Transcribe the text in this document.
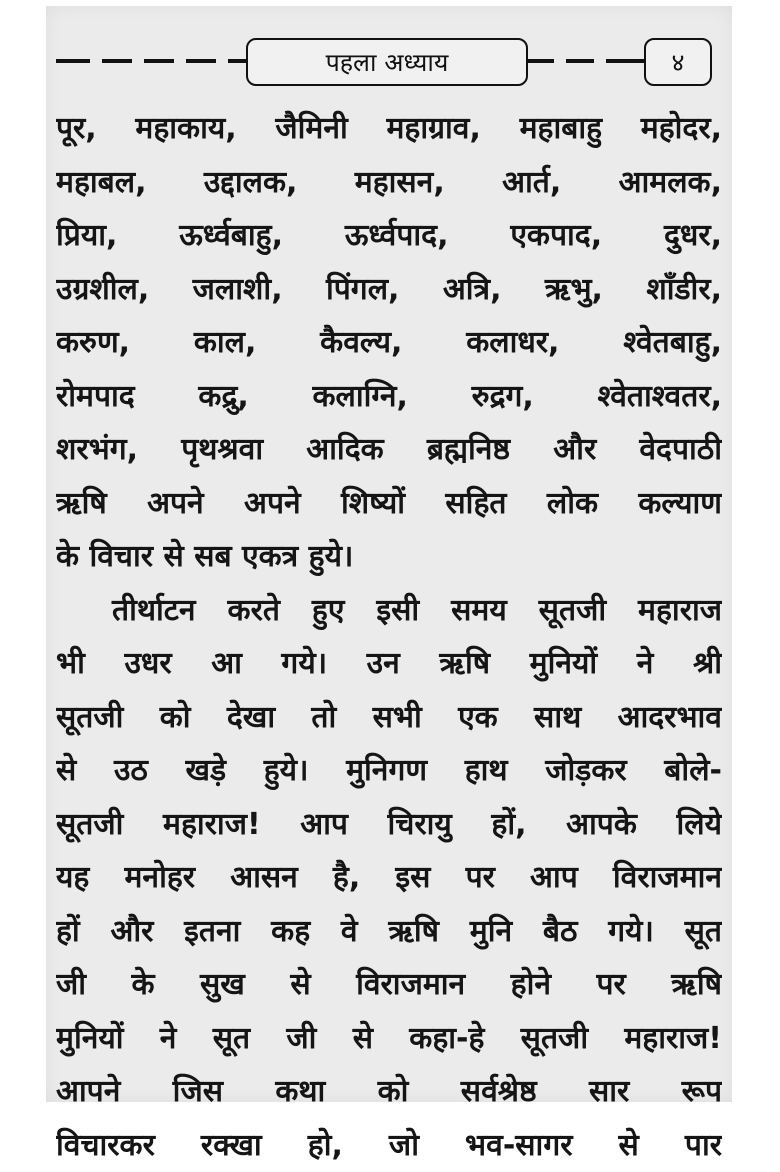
पहला अध्याय	४
पूर, महाकाय, जैमिनी महाग्राव, महाबाहु महोदर,
महाबल, उद्दालक, महासन, आर्त, आमलक,
प्रिया, ऊर्ध्वबाहु, ऊर्ध्वपाद, एकपाद, दुधर,
उग्रशील, जलाशी, पिंगल, अत्रि, ऋभु, शाँडीर,
करुण, काल, कैवल्य, कलाधर, श्वेतबाहु,
रोमपाद कद्रु, कलाग्नि, रुद्रग, श्वेताश्वतर,
शरभंग, पृथश्रवा आदिक ब्रह्मनिष्ठ और वेदपाठी
ऋषि अपने अपने शिष्यों सहित लोक कल्याण
के विचार से सब एकत्र हुये।
तीर्थाटन करते हुए इसी समय सूतजी महाराज
भी उधर आ गये। उन ऋषि मुनियों ने श्री
सूतजी को देखा तो सभी एक साथ आदरभाव
से उठ खड़े हुये। मुनिगण हाथ जोड़कर बोले-
सूतजी महाराज! आप चिरायु हों, आपके लिये
यह मनोहर आसन है, इस पर आप विराजमान
हों और इतना कह वे ऋषि मुनि बैठ गये। सूत
जी के सुख से विराजमान होने पर ऋषि
मुनियों ने सूत जी से कहा-हे सूतजी महाराज!
आपने जिस कथा को सर्वश्रेष्ठ सार रूप
विचारकर रक्खा हो, जो भव-सागर से पार
